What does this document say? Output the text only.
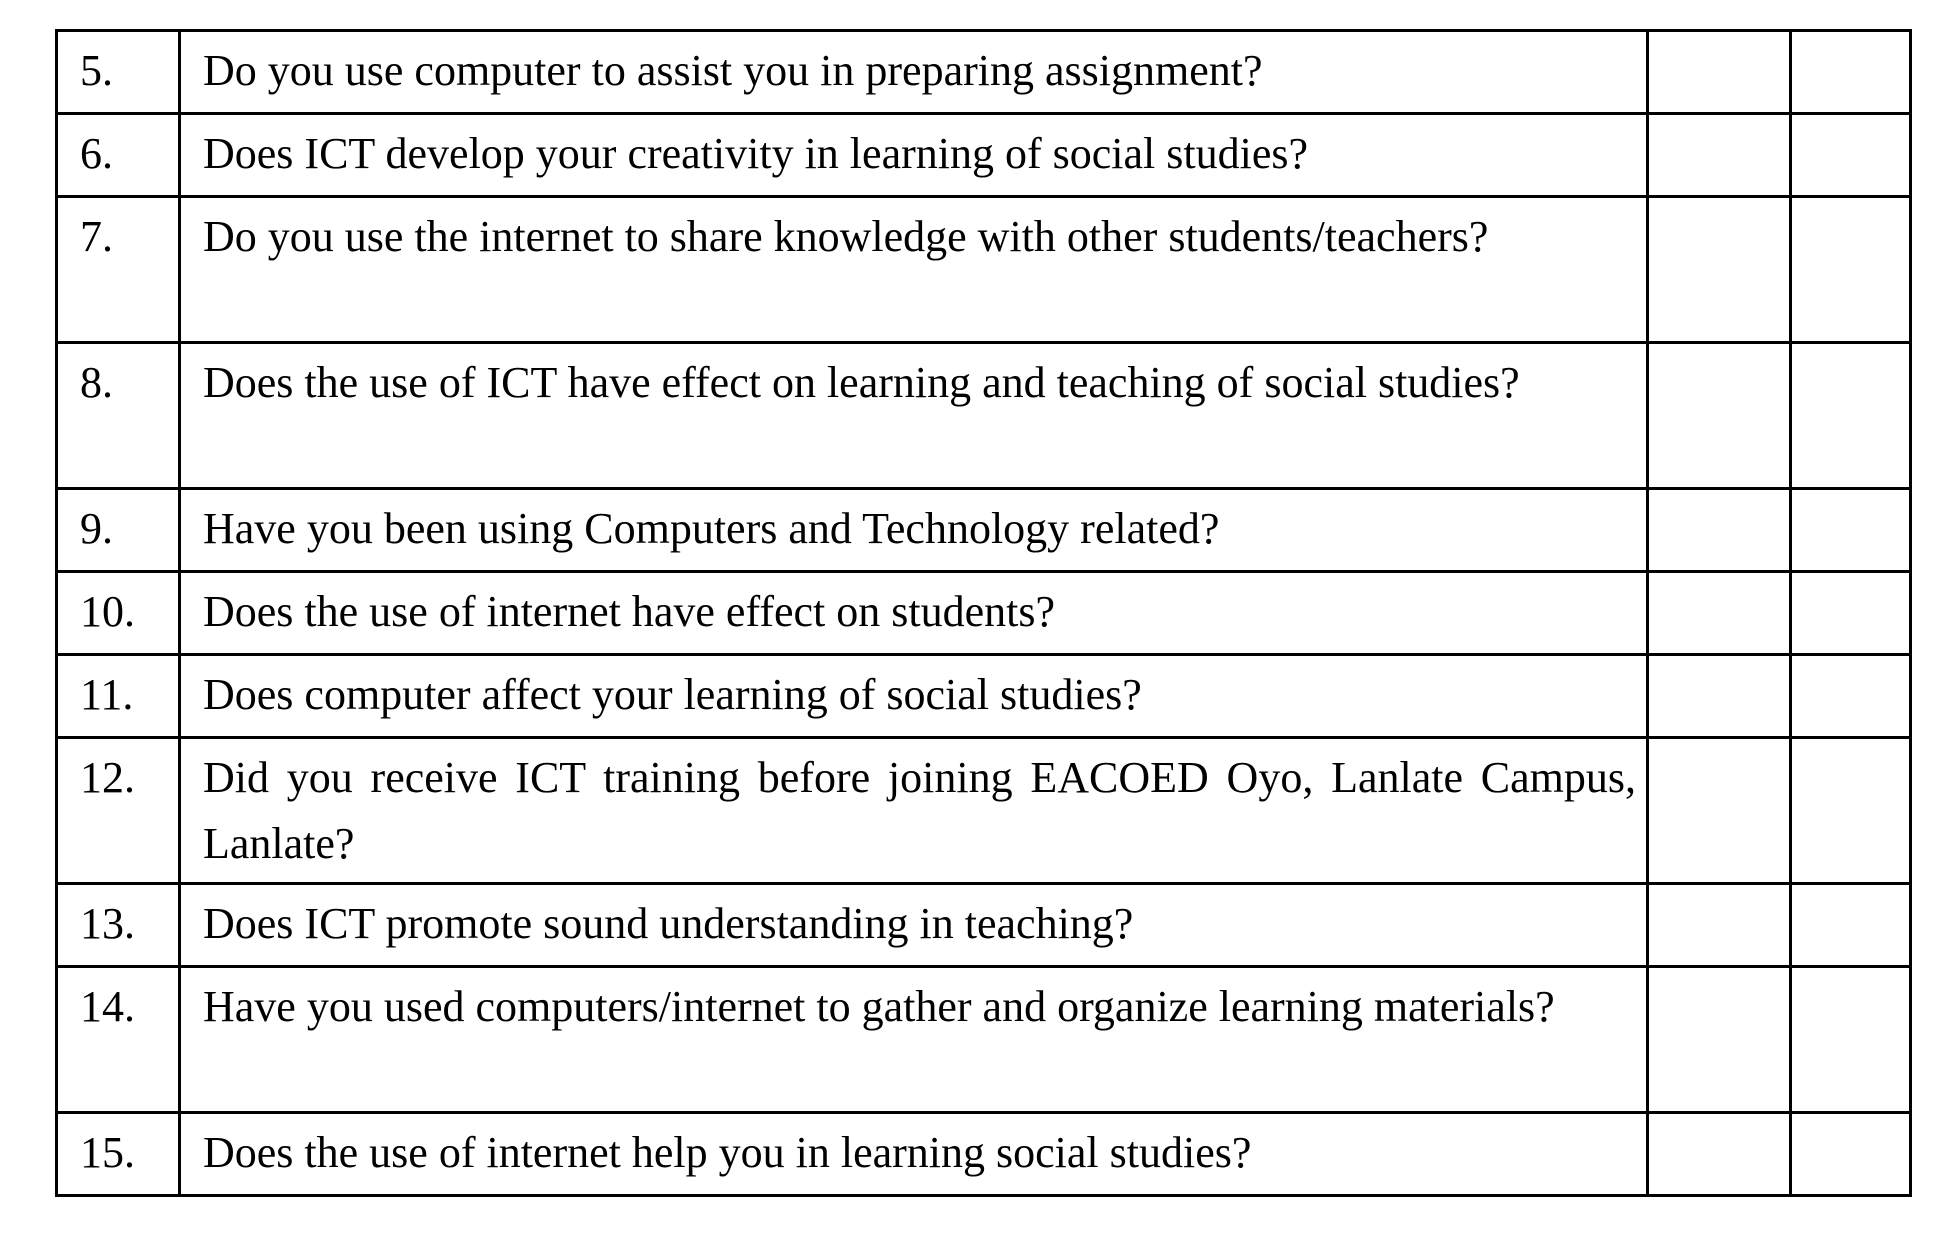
5.	Do you use computer to assist you in preparing assignment?		
6.	Does ICT develop your creativity in learning of social studies?		
7.	Do you use the internet to share knowledge with other students/teachers?		
8.	Does the use of ICT have effect on learning and teaching of social studies?		
9.	Have you been using Computers and Technology related?		
10.	Does the use of internet have effect on students?		
11.	Does computer affect your learning of social studies?		
12.	Did you receive ICT training before joining EACOED Oyo, Lanlate Campus, Lanlate?		
13.	Does ICT promote sound understanding in teaching?		
14.	Have you used computers/internet to gather and organize learning materials?		
15.	Does the use of internet help you in learning social studies?		
